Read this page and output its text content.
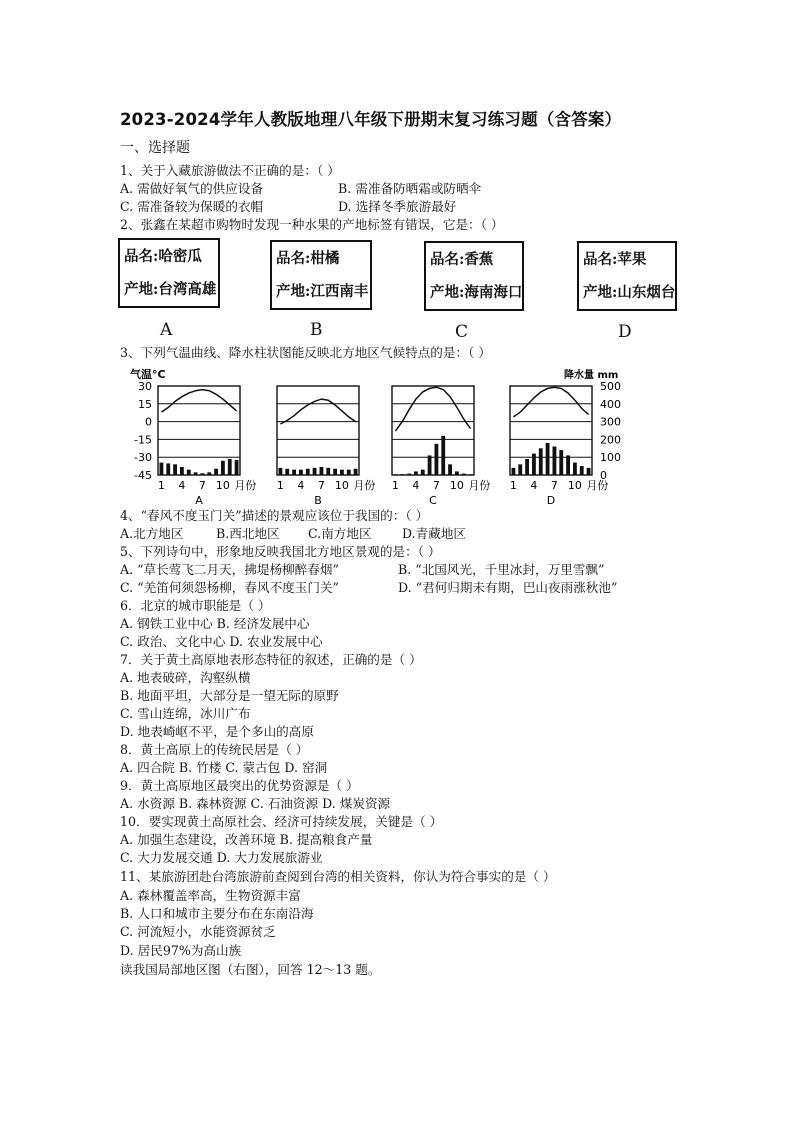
2023-2024学年人教版地理八年级下册期末复习练习题（含答案）
一、选择题
1、关于入藏旅游做法不正确的是：（ ）
A. 需做好氧气的供应设备	B. 需准备防晒霜或防晒伞
C. 需准备较为保暖的衣帽	D. 选择冬季旅游最好
2、张鑫在某超市购物时发现一种水果的产地标签有错误，它是：（ ）
品名:哈密瓜
产地:台湾高雄
品名:柑橘
产地:江西南丰
品名:香蕉
产地:海南海口
品名:苹果
产地:山东烟台
A	B	C	D
3、下列气温曲线、降水柱状图能反映北方地区气候特点的是：（ ）
气温°C	降水量 mm
30
15
0
-15
-30
-45
500
400
300
200
100
0
1 4 7 10 月份
A
1 4 7 10 月份
B
1 4 7 10 月份
C
1 4 7 10 月份
D
4、“春风不度玉门关”描述的景观应该位于我国的：（ ）
A.北方地区	B.西北地区 C.南方地区 D.青藏地区
5、下列诗句中，形象地反映我国北方地区景观的是：（ ）
A. “草长莺飞二月天，拂堤杨柳醉春烟”	B. “北国风光，千里冰封，万里雪飘”
C. “羌笛何须怨杨柳，春风不度玉门关”	D. “君何归期未有期，巴山夜雨涨秋池”
6．北京的城市职能是（ ）
A. 钢铁工业中心 B. 经济发展中心
C. 政治、文化中心 D. 农业发展中心
7．关于黄土高原地表形态特征的叙述，正确的是（ ）
A. 地表破碎，沟壑纵横
B. 地面平坦，大部分是一望无际的原野
C. 雪山连绵，冰川广布
D. 地表崎岖不平，是个多山的高原
8．黄土高原上的传统民居是（ ）
A. 四合院 B. 竹楼 C. 蒙古包 D. 窑洞
9．黄土高原地区最突出的优势资源是（ ）
A. 水资源 B. 森林资源 C. 石油资源 D. 煤炭资源
10．要实现黄土高原社会、经济可持续发展，关键是（ ）
A. 加强生态建设，改善环境 B. 提高粮食产量
C. 大力发展交通 D. 大力发展旅游业
11、某旅游团赴台湾旅游前查阅到台湾的相关资料，你认为符合事实的是（ ）
A. 森林覆盖率高，生物资源丰富
B. 人口和城市主要分布在东南沿海
C. 河流短小，水能资源贫乏
D. 居民97%为高山族
读我国局部地区图（右图），回答 12～13 题。
